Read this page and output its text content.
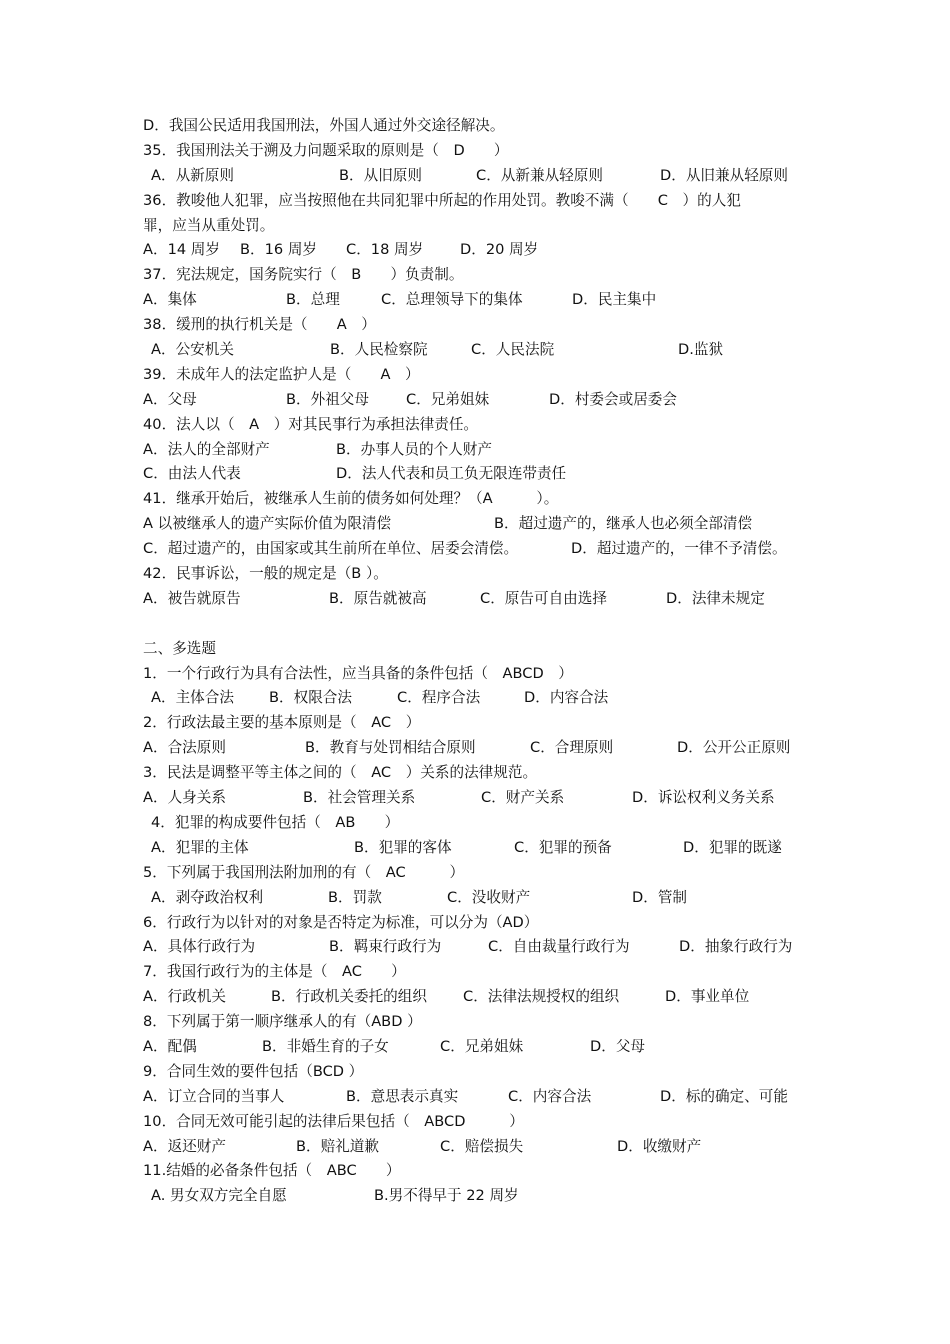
D．我国公民适用我国刑法，外国人通过外交途径解决。
35．我国刑法关于溯及力问题采取的原则是（　D　　）
A．从新原则	B．从旧原则	C．从新兼从轻原则	D．从旧兼从轻原则
36．教唆他人犯罪，应当按照他在共同犯罪中所起的作用处罚。教唆不满（　　C　）的人犯
罪，应当从重处罚。
A．14 周岁 B．16 周岁 C．18 周岁	D．20 周岁
37．宪法规定，国务院实行（　B　　）负责制。
A．集体	B．总理	C．总理领导下的集体	D．民主集中
38．缓刑的执行机关是（　　A　）
A．公安机关	B．人民检察院	C．人民法院	D.监狱
39．未成年人的法定监护人是（　　A　）
A．父母	B．外祖父母	C．兄弟姐妹	D．村委会或居委会
40．法人以（　A　）对其民事行为承担法律责任。
A．法人的全部财产	B．办事人员的个人财产
C．由法人代表	D．法人代表和员工负无限连带责任
41．继承开始后，被继承人生前的债务如何处理？（A　　　）。
A 以被继承人的遗产实际价值为限清偿	B．超过遗产的，继承人也必须全部清偿
C．超过遗产的，由国家或其生前所在单位、居委会清偿。	D．超过遗产的，一律不予清偿。
42．民事诉讼，一般的规定是（B ）。
A．被告就原告	B．原告就被高	C．原告可自由选择	D．法律未规定
二、多选题
1．一个行政行为具有合法性，应当具备的条件包括（　ABCD　）
A．主体合法 B．权限合法	C．程序合法	D．内容合法
2．行政法最主要的基本原则是（　AC　）
A．合法原则	B．教育与处罚相结合原则	C．合理原则	D．公开公正原则
3．民法是调整平等主体之间的（　AC　）关系的法律规范。
A．人身关系	B．社会管理关系	C．财产关系	D．诉讼权利义务关系
4．犯罪的构成要件包括（　AB　　）
A．犯罪的主体	B．犯罪的客体	C．犯罪的预备	D．犯罪的既遂
5．下列属于我国刑法附加刑的有（　AC　　　）
A．剥夺政治权利	B．罚款	C．没收财产	D．管制
6．行政行为以针对的对象是否特定为标准，可以分为（AD）
A．具体行政行为	B．羁束行政行为	C．自由裁量行政行为	D．抽象行政行为
7．我国行政行为的主体是（　AC　　）
A．行政机关	B．行政机关委托的组织 C．法律法规授权的组织	D．事业单位
8．下列属于第一顺序继承人的有（ABD ）
A．配偶	B．非婚生育的子女	C．兄弟姐妹	D．父母
9．合同生效的要件包括（BCD ）
A．订立合同的当事人	B．意思表示真实	C．内容合法	D．标的确定、可能
10．合同无效可能引起的法律后果包括（　ABCD　　　）
A．返还财产	B．赔礼道歉	C．赔偿损失	D．收缴财产
11.结婚的必备条件包括（　ABC　　）
A. 男女双方完全自愿	B.男不得早于 22 周岁
